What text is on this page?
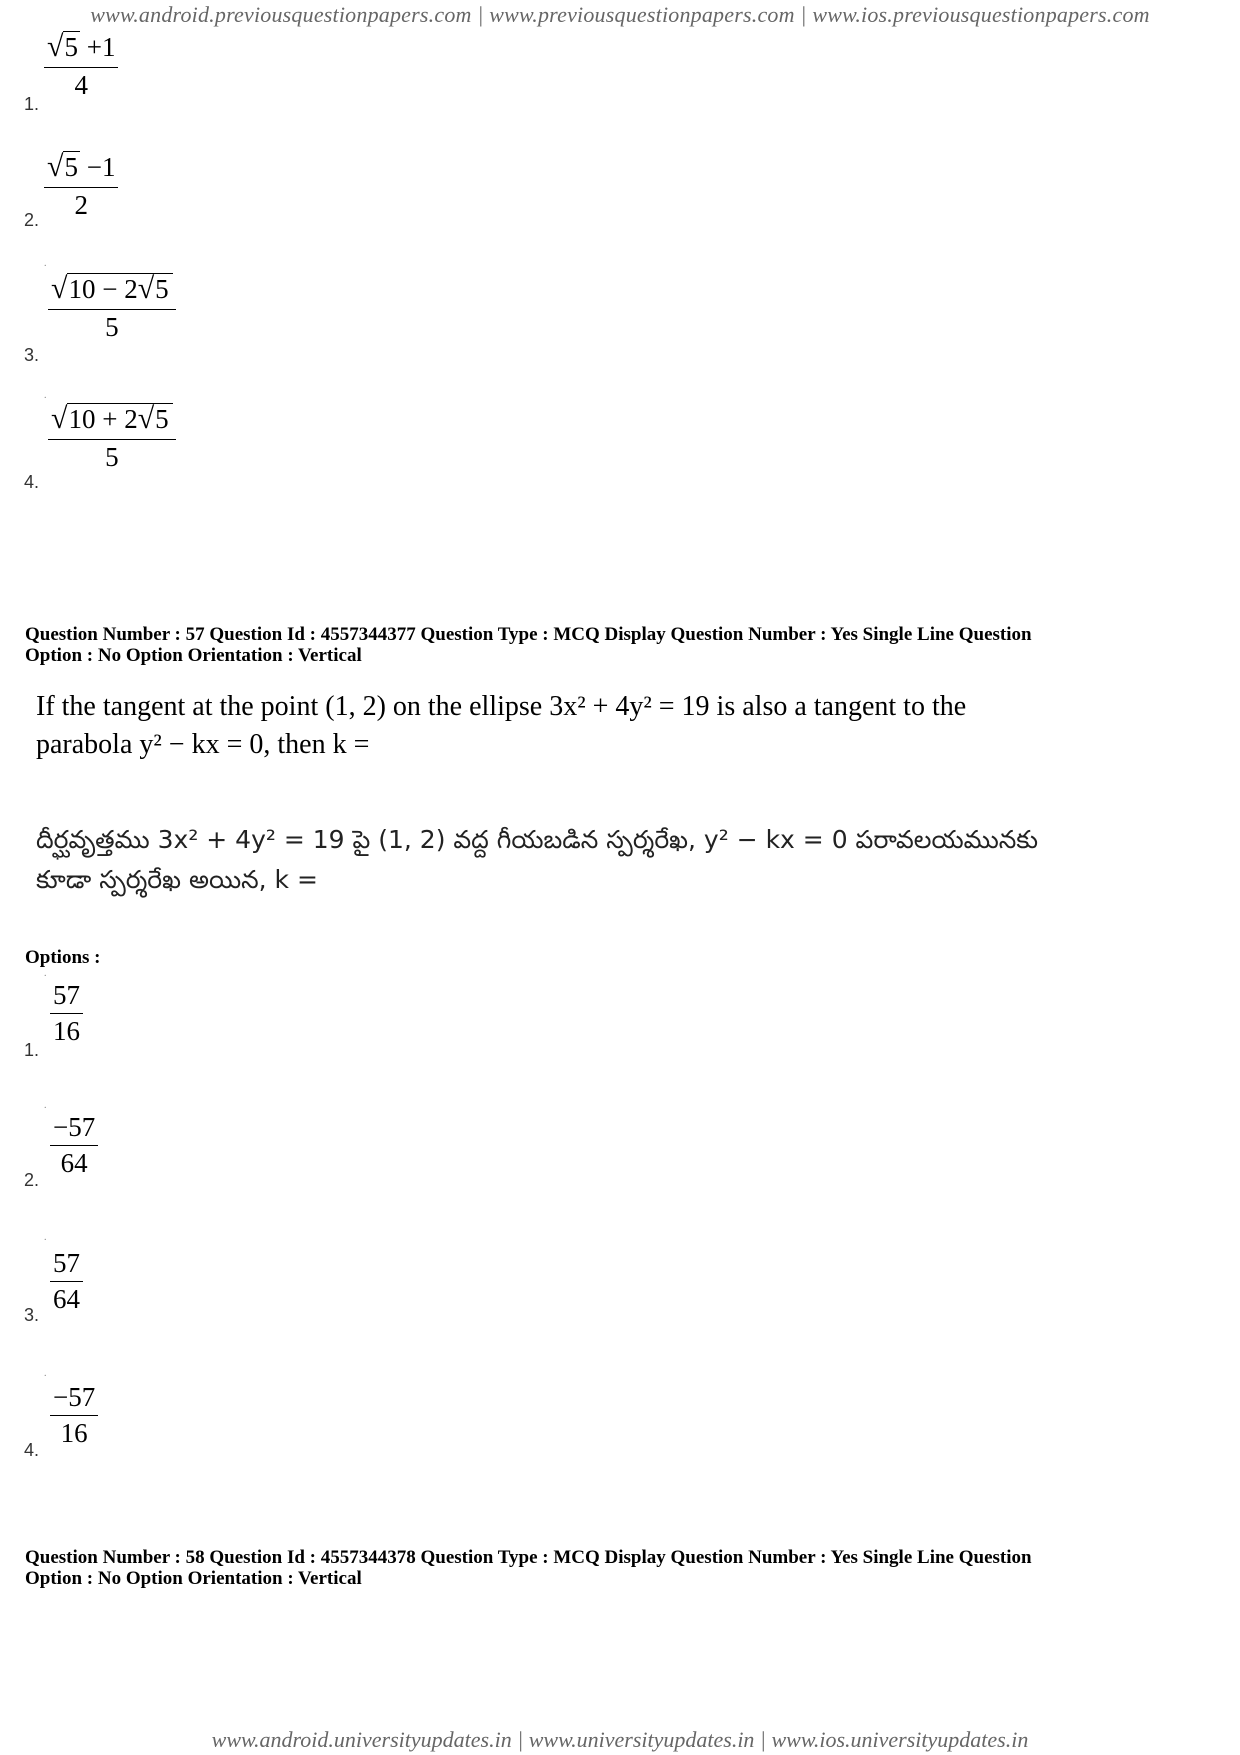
www.android.previousquestionpapers.com | www.previousquestionpapers.com | www.ios.previousquestionpapers.com
1.
$\frac{√5 +1}{4}$
2. $\frac{√5 -1}{2}$
.
3.
$\frac{√10 - 2√5}{5}$
.
4.
$\frac{√10 + 2√5}{5}$
Question Number : 57 Question Id : 4557344377 Question Type : MCQ Display Question Number : Yes Single Line Question
Option : No Option Orientation : Vertical
If the tangent at the point (1, 2) on the ellipse 3x² + 4y² = 19 is also a tangent to the
parabola y² − kx = 0, then k =
దీర్ఘవృత్తము 3x² + 4y² = 19 పై (1, 2) వద్ద గీయబడిన స్పర్శరేఖ, y² − kx = 0 పరావలయమునకు
కూడా స్పర్శరేఖ అయిన, k =
Options :
.
1.
$\frac{57}{16}$
.
2.
$\frac{-57}{64}$
.
3. $\frac{57}{64}$
.
4.
$\frac{-57}{16}$
Question Number : 58 Question Id : 4557344378 Question Type : MCQ Display Question Number : Yes Single Line Question
Option : No Option Orientation : Vertical
www.android.universityupdates.in | www.universityupdates.in | www.ios.universityupdates.in
